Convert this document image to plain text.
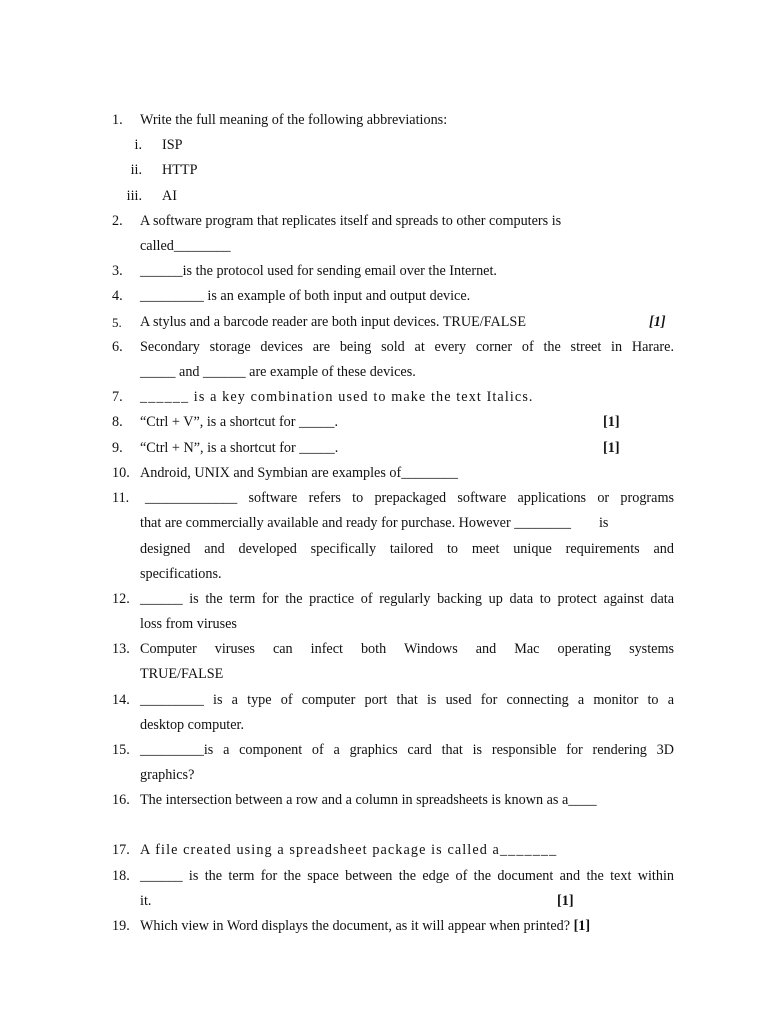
1. Write the full meaning of the following abbreviations:
i. ISP
ii. HTTP
iii. AI
2. A software program that replicates itself and spreads to other computers is
called________
3. ______is the protocol used for sending email over the Internet.
4. _________ is an example of both input and output device.
5. A stylus and a barcode reader are both input devices. TRUE/FALSE	[1]
6. Secondary storage devices are being sold at every corner of the street in Harare.
_____ and ______ are example of these devices.
7. ______ is a key combination used to make the text Italics.
8. “Ctrl + V”, is a shortcut for _____.	[1]
9. “Ctrl + N”, is a shortcut for _____.	[1]
10. Android, UNIX and Symbian are examples of________
11. _____________ software refers to prepackaged software applications or programs
that are commercially available and ready for purchase. However ________ is
designed and developed specifically tailored to meet unique requirements and
specifications.
12. ______ is the term for the practice of regularly backing up data to protect against data
loss from viruses
13. Computer viruses can infect both Windows and Mac operating systems
TRUE/FALSE
14. _________ is a type of computer port that is used for connecting a monitor to a
desktop computer.
15. _________is a component of a graphics card that is responsible for rendering 3D
graphics?
16. The intersection between a row and a column in spreadsheets is known as a____
17. A file created using a spreadsheet package is called a_______
18. ______ is the term for the space between the edge of the document and the text within
it.	[1]
19. Which view in Word displays the document, as it will appear when printed? [1]
